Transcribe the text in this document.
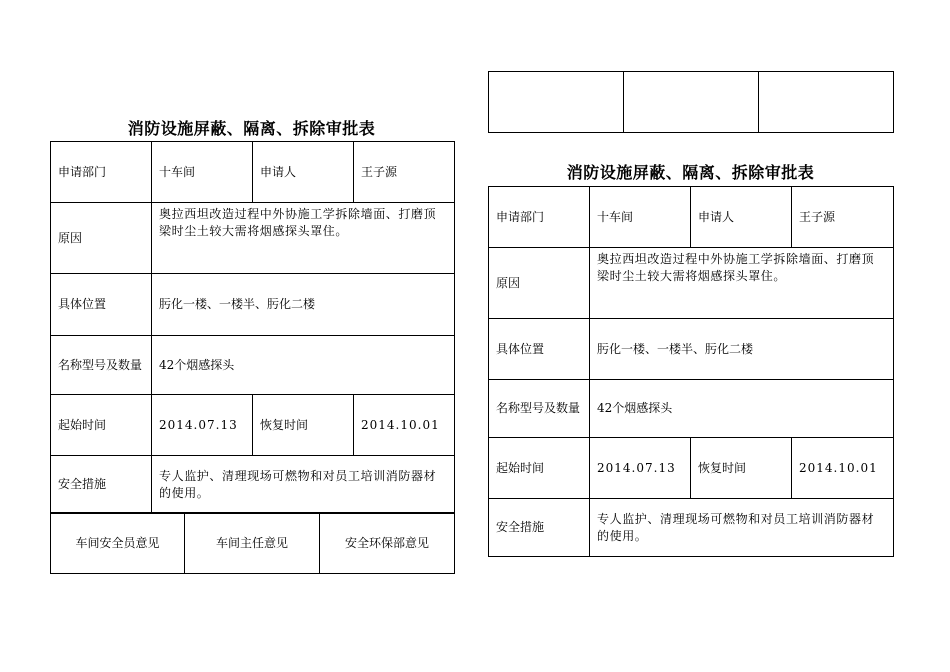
消防设施屏蔽、隔离、拆除审批表
申请部门	十车间	申请人	王子源
原因	奥拉西坦改造过程中外协施工学拆除墙面、打磨顶梁时尘土较大需将烟感探头罩住。		
具体位置	肟化一楼、一楼半、肟化二楼		
名称型号及数量	42个烟感探头		
起始时间	2014.07.13	恢复时间	2014.10.01
安全措施	专人监护、清理现场可燃物和对员工培训消防器材的使用。		
车间安全员意见	车间主任意见	安全环保部意见

消防设施屏蔽、隔离、拆除审批表
申请部门	十车间	申请人	王子源
原因	奥拉西坦改造过程中外协施工学拆除墙面、打磨顶梁时尘土较大需将烟感探头罩住。		
具体位置	肟化一楼、一楼半、肟化二楼		
名称型号及数量	42个烟感探头		
起始时间	2014.07.13	恢复时间	2014.10.01
安全措施	专人监护、清理现场可燃物和对员工培训消防器材的使用。		
